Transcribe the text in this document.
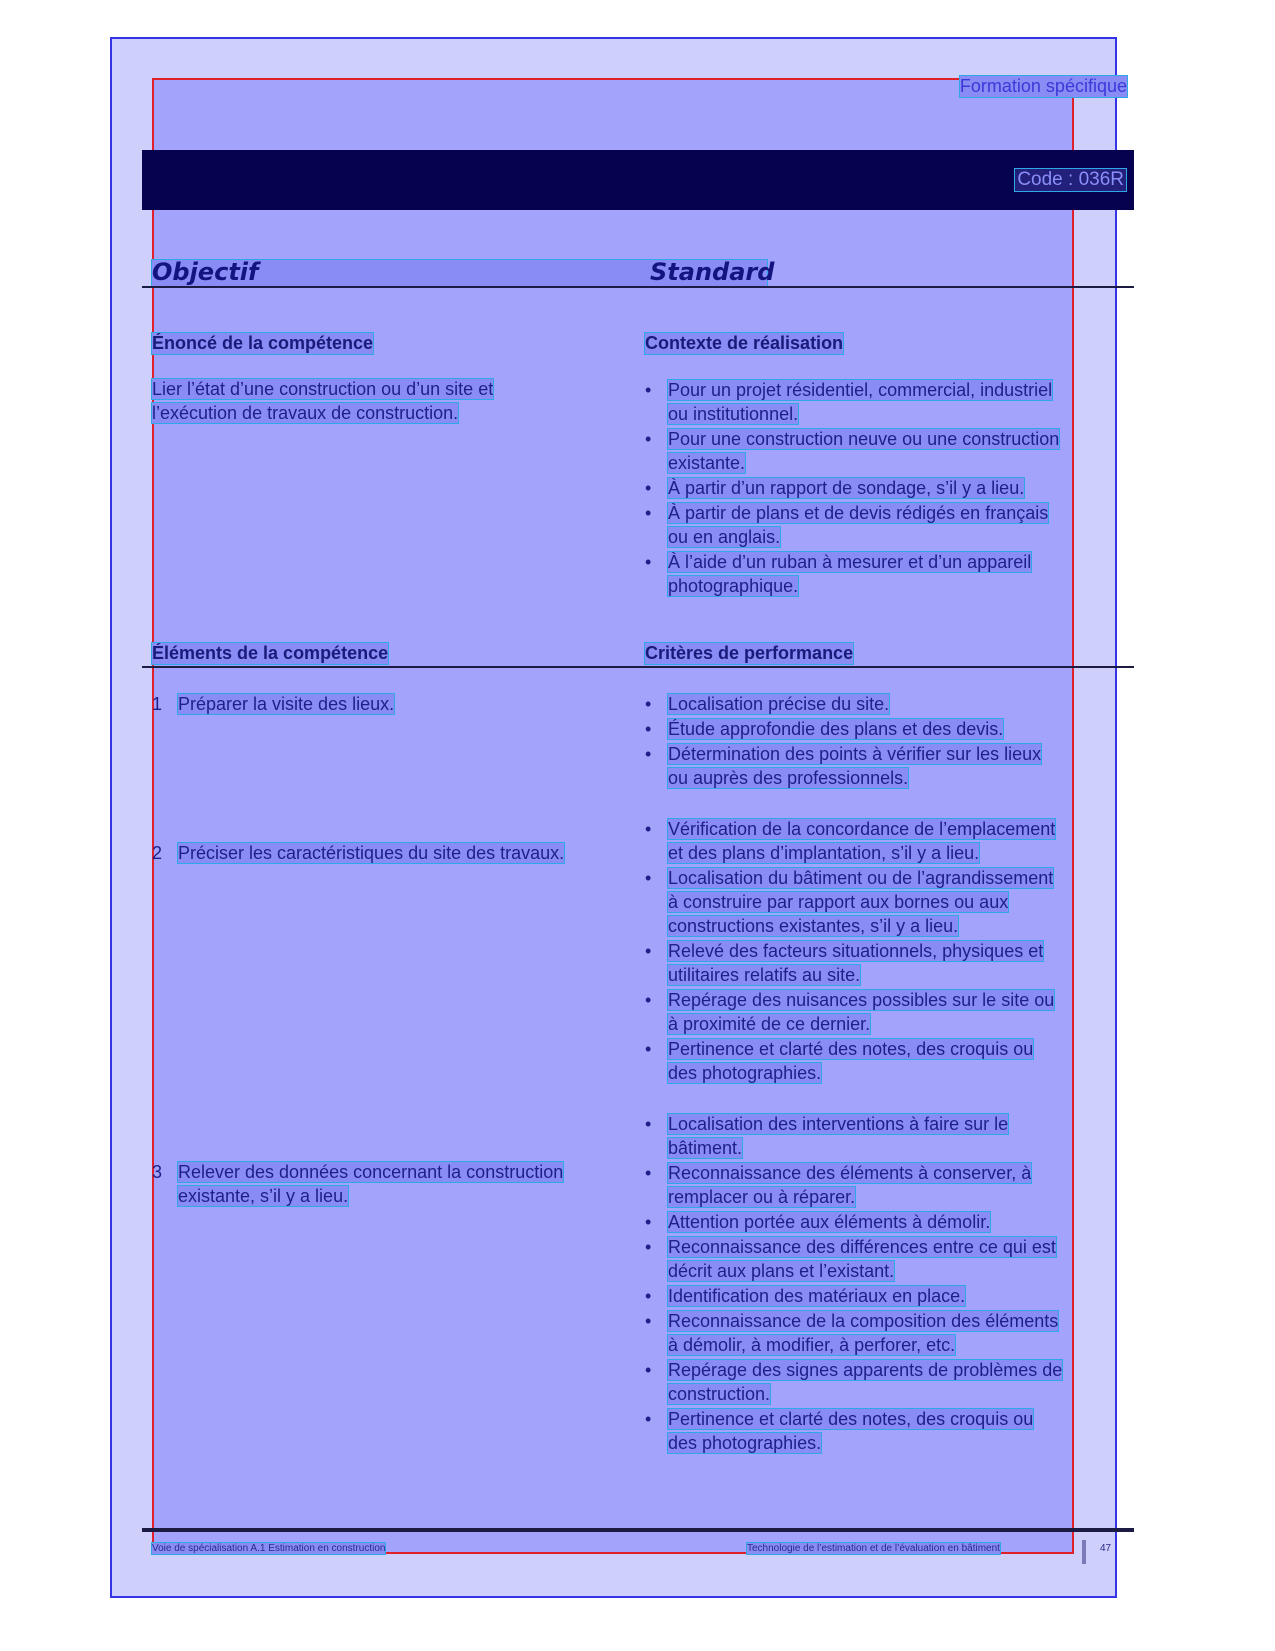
Formation spécifique
Code : 036R
Objectif	Standard
Énoncé de la compétence	Contexte de réalisation
Lier l’état d’une construction ou d’un site et
l’exécution de travaux de construction.
• Pour un projet résidentiel, commercial, industriel
ou institutionnel.
• Pour une construction neuve ou une construction
existante.
• À partir d’un rapport de sondage, s’il y a lieu.
• À partir de plans et de devis rédigés en français
ou en anglais.
• À l’aide d’un ruban à mesurer et d’un appareil
photographique.
Éléments de la compétence	Critères de performance
1 Préparer la visite des lieux.
•	Localisation précise du site.
• Étude approfondie des plans et des devis.
• Détermination des points à vérifier sur les lieux
ou auprès des professionnels.
2 Préciser les caractéristiques du site des travaux.
• Vérification de la concordance de l’emplacement
et des plans d’implantation, s’il y a lieu.
• Localisation du bâtiment ou de l’agrandissement
à construire par rapport aux bornes ou aux
constructions existantes, s’il y a lieu.
• Relevé des facteurs situationnels, physiques et
utilitaires relatifs au site.
• Repérage des nuisances possibles sur le site ou
à proximité de ce dernier.
• Pertinence et clarté des notes, des croquis ou
des photographies.
3 Relever des données concernant la construction
existante, s’il y a lieu.
• Localisation des interventions à faire sur le
bâtiment.
• Reconnaissance des éléments à conserver, à
remplacer ou à réparer.
• Attention portée aux éléments à démolir.
• Reconnaissance des différences entre ce qui est
décrit aux plans et l’existant.
• Identification des matériaux en place.
• Reconnaissance de la composition des éléments
à démolir, à modifier, à perforer, etc.
• Repérage des signes apparents de problèmes de
construction.
• Pertinence et clarté des notes, des croquis ou
des photographies.
Voie de spécialisation A.1 Estimation en construction	Technologie de l’estimation et de l’évaluation en bâtiment	47
